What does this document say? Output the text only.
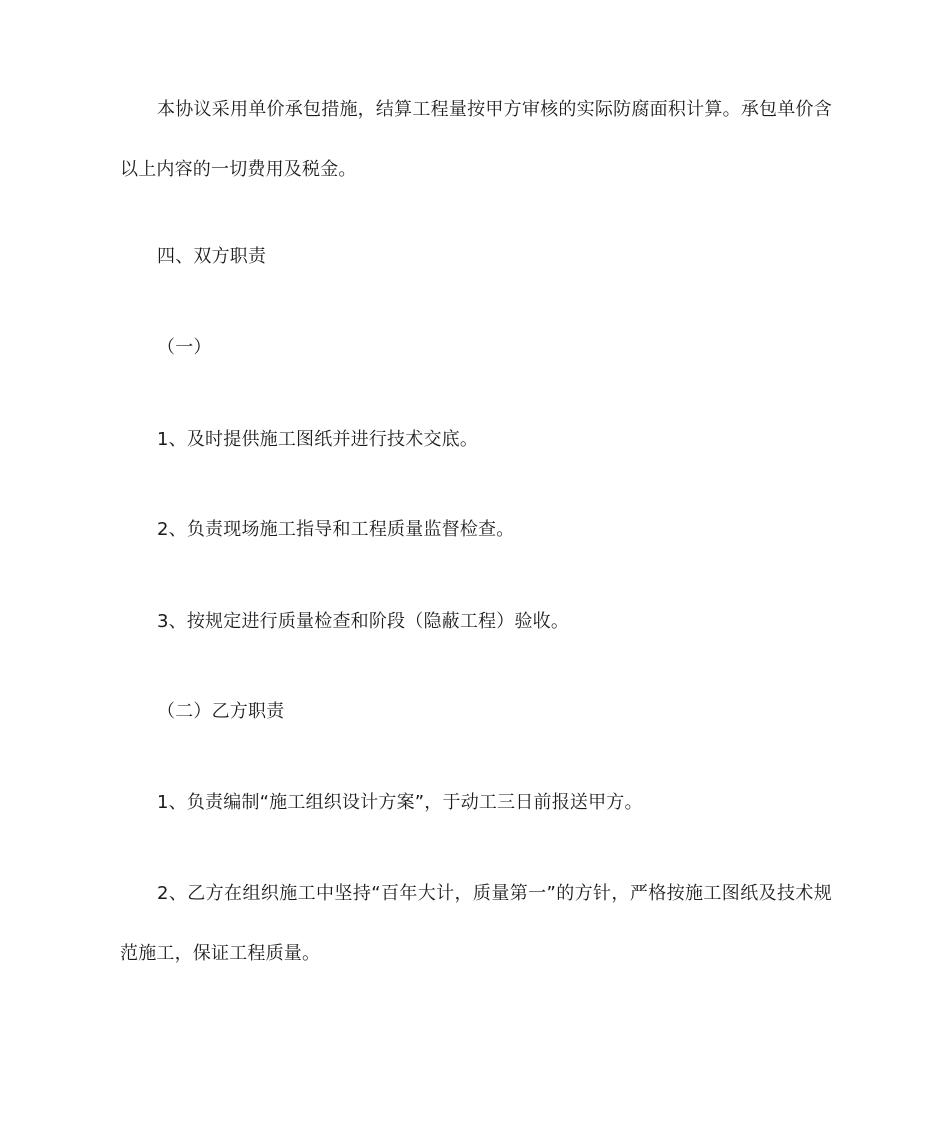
本协议采用单价承包措施，结算工程量按甲方审核的实际防腐面积计算。承包单价含以上内容的一切费用及税金。

四、双方职责

（一）

1、及时提供施工图纸并进行技术交底。

2、负责现场施工指导和工程质量监督检查。

3、按规定进行质量检查和阶段（隐蔽工程）验收。

（二）乙方职责

1、负责编制“施工组织设计方案”，于动工三日前报送甲方。

2、乙方在组织施工中坚持“百年大计，质量第一”的方针，严格按施工图纸及技术规范施工，保证工程质量。
